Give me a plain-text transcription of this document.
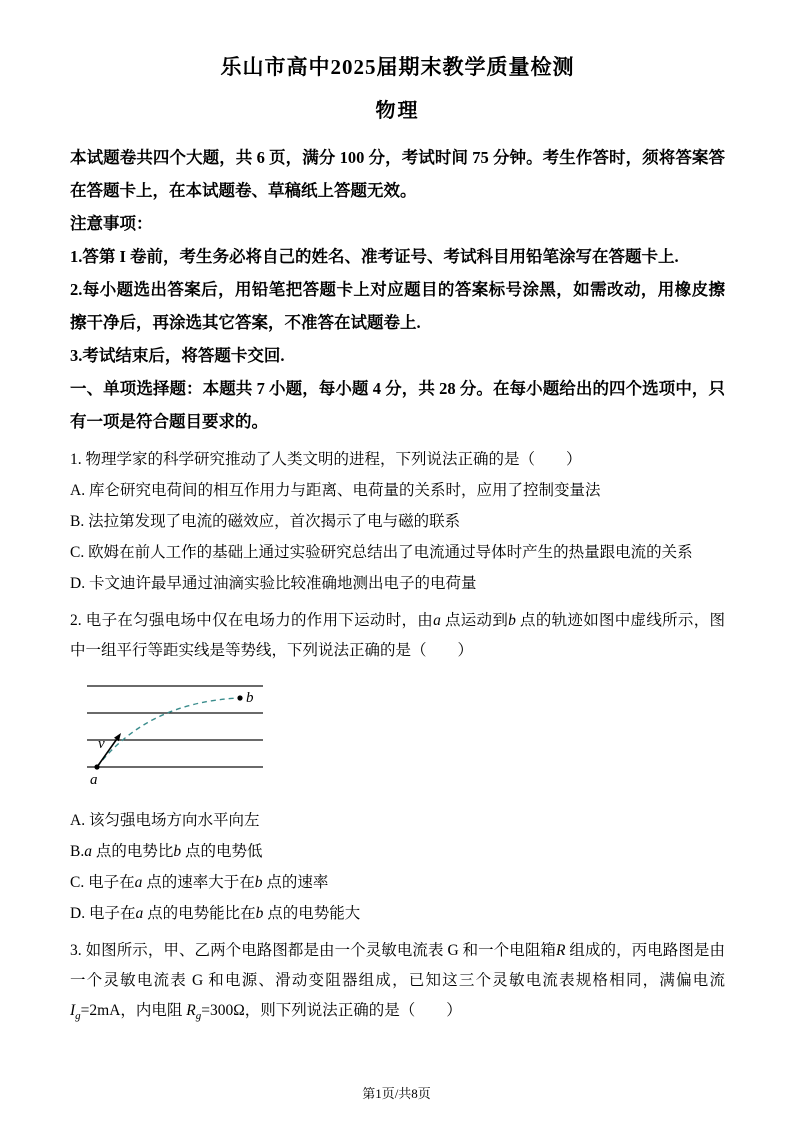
乐山市高中2025届期末教学质量检测
物理

本试题卷共四个大题，共 6 页，满分 100 分，考试时间 75 分钟。考生作答时，须将答案答在答题卡上，在本试题卷、草稿纸上答题无效。

注意事项：

1.答第 I 卷前，考生务必将自己的姓名、准考证号、考试科目用铅笔涂写在答题卡上.

2.每小题选出答案后，用铅笔把答题卡上对应题目的答案标号涂黑，如需改动，用橡皮擦擦干净后，再涂选其它答案，不准答在试题卷上.

3.考试结束后，将答题卡交回.

一、单项选择题：本题共 7 小题，每小题 4 分，共 28 分。在每小题给出的四个选项中，只有一项是符合题目要求的。

1. 物理学家的科学研究推动了人类文明的进程，下列说法正确的是（　　）

A. 库仑研究电荷间的相互作用力与距离、电荷量的关系时，应用了控制变量法

B. 法拉第发现了电流的磁效应，首次揭示了电与磁的联系

C. 欧姆在前人工作的基础上通过实验研究总结出了电流通过导体时产生的热量跟电流的关系

D. 卡文迪许最早通过油滴实验比较准确地测出电子的电荷量

2. 电子在匀强电场中仅在电场力的作用下运动时，由a 点运动到b 点的轨迹如图中虚线所示，图中一组平行等距实线是等势线，下列说法正确的是（　　）

a
b
v

A. 该匀强电场方向水平向左

B.a 点的电势比b 点的电势低

C. 电子在a 点的速率大于在b 点的速率

D. 电子在a 点的电势能比在b 点的电势能大

3. 如图所示，甲、乙两个电路图都是由一个灵敏电流表 G 和一个电阻箱R 组成的，丙电路图是由一个灵敏电流表 G 和电源、滑动变阻器组成，已知这三个灵敏电流表规格相同，满偏电流$I_g=2mA$，内电阻 $R_g=300\Omega$，则下列说法正确的是（　　）

第1页/共8页
